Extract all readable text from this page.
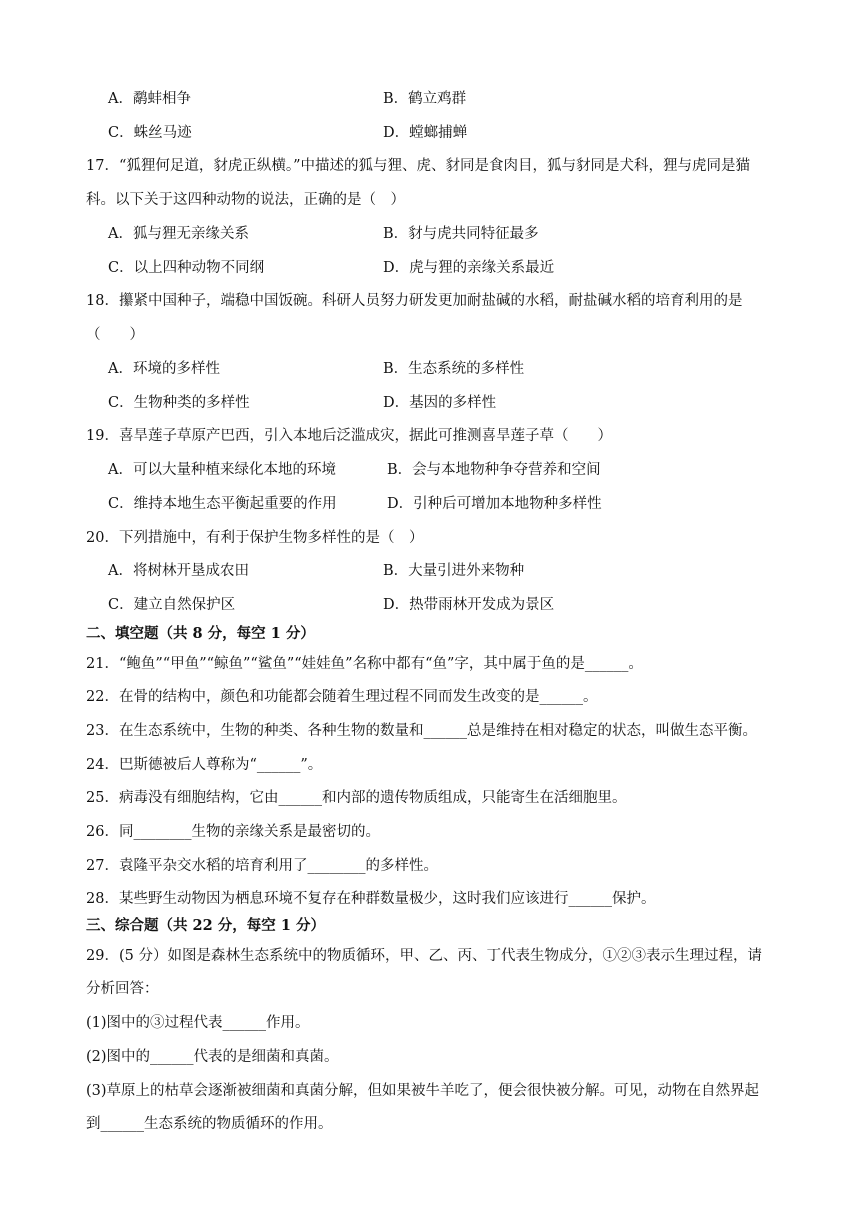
A．鹬蚌相争	B．鹤立鸡群
C．蛛丝马迹	D．螳螂捕蝉
17．“狐狸何足道，豺虎正纵横。”中描述的狐与狸、虎、豺同是食肉目，狐与豺同是犬科，狸与虎同是猫
科。以下关于这四种动物的说法，正确的是（　）
A．狐与狸无亲缘关系	B．豺与虎共同特征最多
C．以上四种动物不同纲	D．虎与狸的亲缘关系最近
18．攥紧中国种子，端稳中国饭碗。科研人员努力研发更加耐盐碱的水稻，耐盐碱水稻的培育利用的是
（　　）
A．环境的多样性	B．生态系统的多样性
C．生物种类的多样性	D．基因的多样性
19．喜旱莲子草原产巴西，引入本地后泛滥成灾，据此可推测喜旱莲子草（　　）
A．可以大量种植来绿化本地的环境	B．会与本地物种争夺营养和空间
C．维持本地生态平衡起重要的作用	D．引种后可增加本地物种多样性
20．下列措施中，有利于保护生物多样性的是（　）
A．将树林开垦成农田	B．大量引进外来物种
C．建立自然保护区	D．热带雨林开发成为景区
二、填空题（共 8 分，每空 1 分）
21．“鲍鱼”“甲鱼”“鲸鱼”“鲨鱼”“娃娃鱼”名称中都有“鱼”字，其中属于鱼的是______。
22．在骨的结构中，颜色和功能都会随着生理过程不同而发生改变的是______。
23．在生态系统中，生物的种类、各种生物的数量和______总是维持在相对稳定的状态，叫做生态平衡。
24．巴斯德被后人尊称为“______”。
25．病毒没有细胞结构，它由______和内部的遗传物质组成，只能寄生在活细胞里。
26．同________生物的亲缘关系是最密切的。
27．袁隆平杂交水稻的培育利用了________的多样性。
28．某些野生动物因为栖息环境不复存在种群数量极少，这时我们应该进行______保护。
三、综合题（共 22 分，每空 1 分）
29．(5 分）如图是森林生态系统中的物质循环，甲、乙、丙、丁代表生物成分，①②③表示生理过程，请
分析回答：
(1)图中的③过程代表______作用。
(2)图中的______代表的是细菌和真菌。
(3)草原上的枯草会逐渐被细菌和真菌分解，但如果被牛羊吃了，便会很快被分解。可见，动物在自然界起
到______生态系统的物质循环的作用。
